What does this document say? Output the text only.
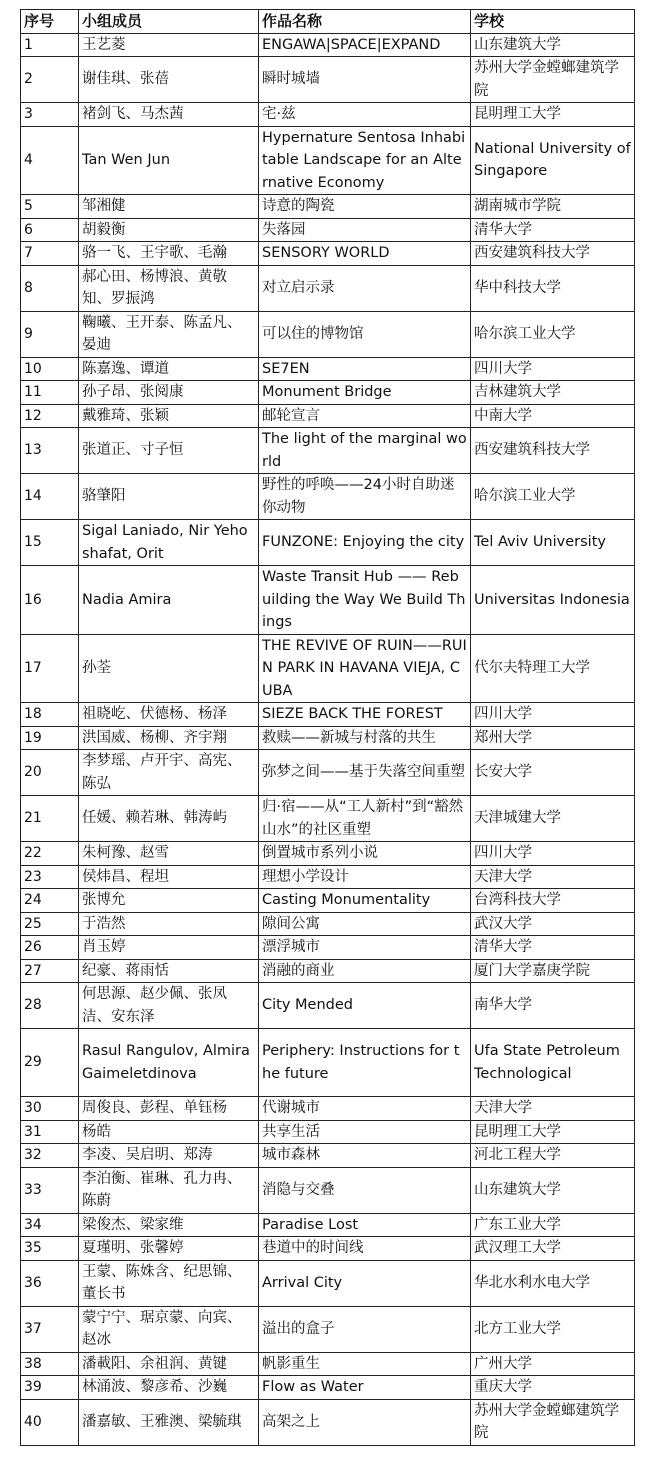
序号	小组成员	作品名称	学校
1	王艺菱	ENGAWA|SPACE|EXPAND	山东建筑大学
2	谢佳琪、张蓓	瞬时城墙	苏州大学金螳螂建筑学院
3	褚剑飞、马杰茜	宅·兹	昆明理工大学
4	Tan Wen Jun	Hypernature Sentosa Inhabitable Landscape for an Alternative Economy	National University of Singapore
5	邹湘健	诗意的陶瓷	湖南城市学院
6	胡毅衡	失落园	清华大学
7	骆一飞、王宇歌、毛瀚	SENSORY WORLD	西安建筑科技大学
8	郝心田、杨博浪、黄敬知、罗振鸿	对立启示录	华中科技大学
9	鞠曦、王开泰、陈孟凡、晏迪	可以住的博物馆	哈尔滨工业大学
10	陈嘉逸、谭道	SE7EN	四川大学
11	孙子昂、张阅康	Monument Bridge	吉林建筑大学
12	戴雅琦、张颖	邮轮宣言	中南大学
13	张道正、寸子恒	The light of the marginal world	西安建筑科技大学
14	骆肇阳	野性的呼唤——24小时自助迷你动物	哈尔滨工业大学
15	Sigal Laniado, Nir Yehoshafat, Orit	FUNZONE: Enjoying the city	Tel Aviv University
16	Nadia Amira	Waste Transit Hub —— Rebuilding the Way We Build Things	Universitas Indonesia
17	孙荃	THE REVIVE OF RUIN——RUIN PARK IN HAVANA VIEJA, CUBA	代尔夫特理工大学
18	祖晓屹、伏德杨、杨泽	SIEZE BACK THE FOREST	四川大学
19	洪国威、杨柳、齐宇翔	救赎——新城与村落的共生	郑州大学
20	李梦瑶、卢开宇、高宪、陈弘	弥梦之间——基于失落空间重塑	长安大学
21	任媛、赖若琳、韩涛屿	归·宿——从“工人新村”到“豁然山水”的社区重塑	天津城建大学
22	朱柯豫、赵雪	倒置城市系列小说	四川大学
23	侯炜昌、程坦	理想小学设计	天津大学
24	张博允	Casting Monumentality	台湾科技大学
25	于浩然	隙间公寓	武汉大学
26	肖玉婷	漂浮城市	清华大学
27	纪豪、蒋雨恬	消融的商业	厦门大学嘉庚学院
28	何思源、赵少佩、张凤洁、安东泽	City Mended	南华大学
29	Rasul Rangulov, Almira Gaimeletdinova	Periphery: Instructions for the future	Ufa State Petroleum Technological
30	周俊良、彭程、单钰杨	代谢城市	天津大学
31	杨皓	共享生活	昆明理工大学
32	李凌、吴启明、郑涛	城市森林	河北工程大学
33	李泊衡、崔琳、孔力冉、陈蔚	消隐与交叠	山东建筑大学
34	梁俊杰、梁家维	Paradise Lost	广东工业大学
35	夏瑾明、张馨婷	巷道中的时间线	武汉理工大学
36	王蒙、陈姝含、纪思锦、董长书	Arrival City	华北水利水电大学
37	蒙宁宁、琚京蒙、向宾、赵冰	溢出的盒子	北方工业大学
38	潘載阳、余祖润、黄键	帆影重生	广州大学
39	林涌波、黎彦希、沙巍	Flow as Water	重庆大学
40	潘嘉敏、王雅澳、梁毓琪	高架之上	苏州大学金螳螂建筑学院
